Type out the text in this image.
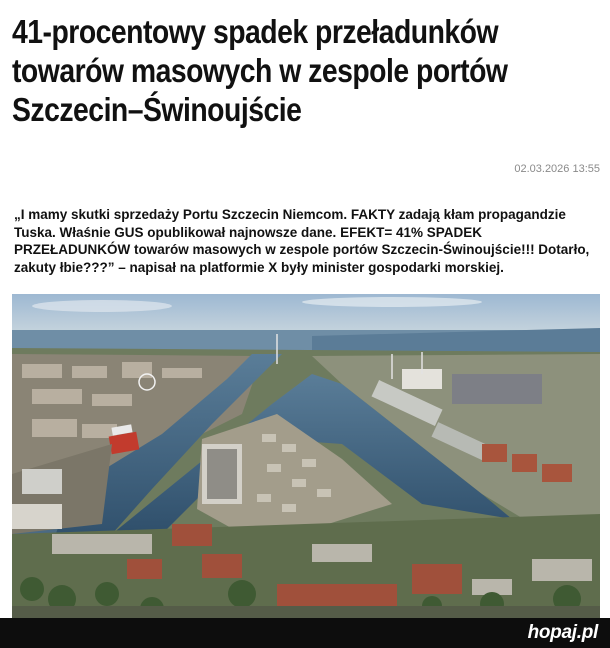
41-procentowy spadek przeładunków
towarów masowych w zespole portów
Szczecin–Świnoujście
02.03.2026 13:55
„I mamy skutki sprzedaży Portu Szczecin Niemcom. FAKTY zadają kłam propagandzie Tuska. Właśnie GUS opublikował najnowsze dane. EFEKT= 41% SPADEK PRZEŁADUNKÓW towarów masowych w zespole portów Szczecin-Świnoujście!!! Dotarło, zakuty łbie???” – napisał na platformie X były minister gospodarki morskiej.
hopaj.pl
